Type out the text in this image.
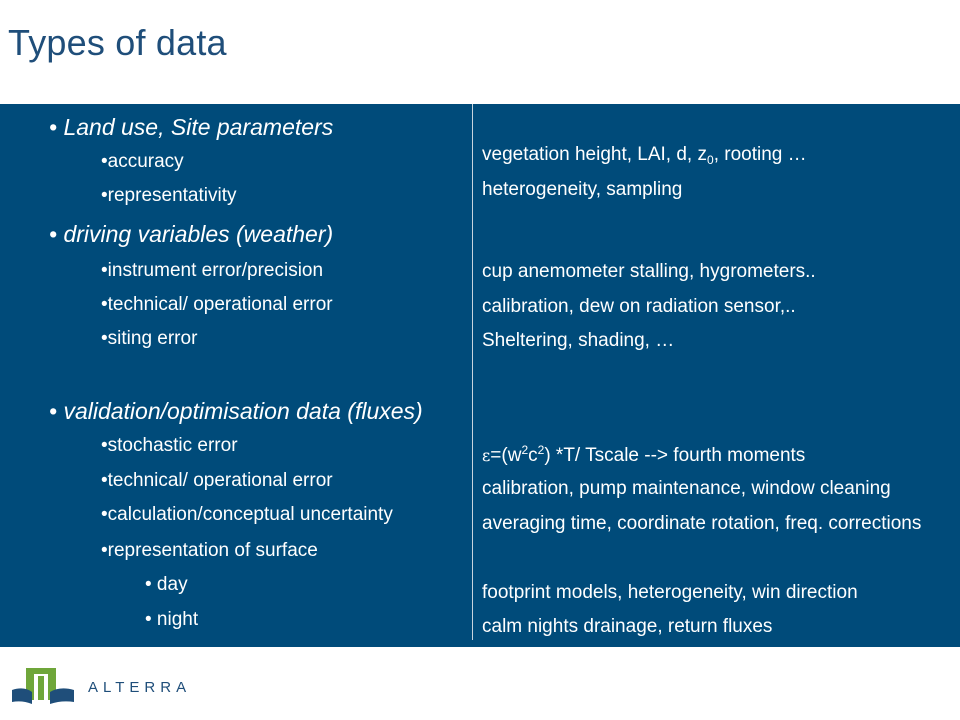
Types of data
• Land use, Site parameters
•accuracy
•representativity
• driving variables (weather)
•instrument error/precision
•technical/ operational error
•siting error
• validation/optimisation data (fluxes)
•stochastic error
•technical/ operational error
•calculation/conceptual uncertainty
•representation of surface
• day
• night
vegetation height, LAI, d, $z_0$, rooting …
heterogeneity, sampling
cup anemometer stalling, hygrometers..
calibration, dew on radiation sensor,..
Sheltering, shading, …
$\varepsilon=(w^2c^2)$ *T/ Tscale --> fourth moments
calibration, pump maintenance, window cleaning
averaging time, coordinate rotation, freq. corrections
footprint models, heterogeneity, win direction
calm nights drainage, return fluxes
ALTERRA
